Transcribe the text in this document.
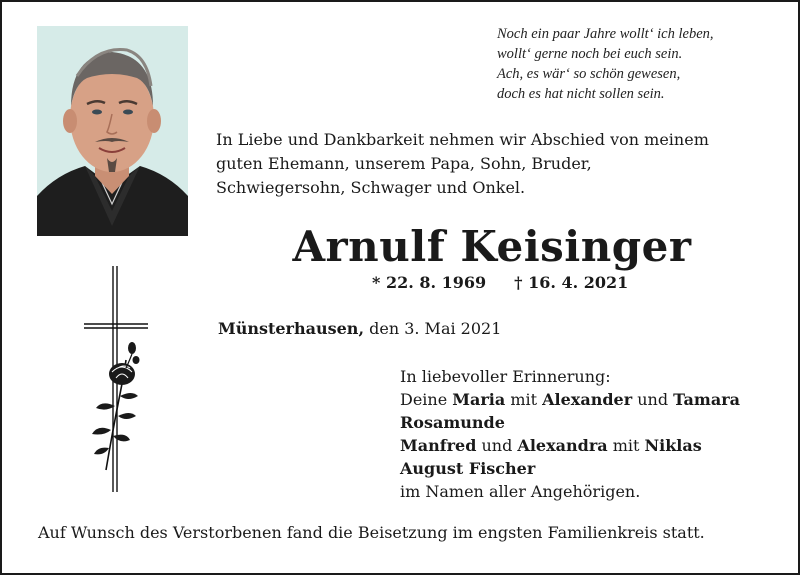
Noch ein paar Jahre wollt‘ ich leben,
wollt‘ gerne noch bei euch sein.
Ach, es wär‘ so schön gewesen,
doch es hat nicht sollen sein.
In Liebe und Dankbarkeit nehmen wir Abschied von meinem
guten Ehemann, unserem Papa, Sohn, Bruder,
Schwiegersohn, Schwager und Onkel.
Arnulf Keisinger
* 22. 8. 1969 † 16. 4. 2021
Münsterhausen, den 3. Mai 2021
In liebevoller Erinnerung:
Deine Maria mit Alexander und Tamara
Rosamunde
Manfred und Alexandra mit Niklas
August Fischer
im Namen aller Angehörigen.
Auf Wunsch des Verstorbenen fand die Beisetzung im engsten Familienkreis statt.
